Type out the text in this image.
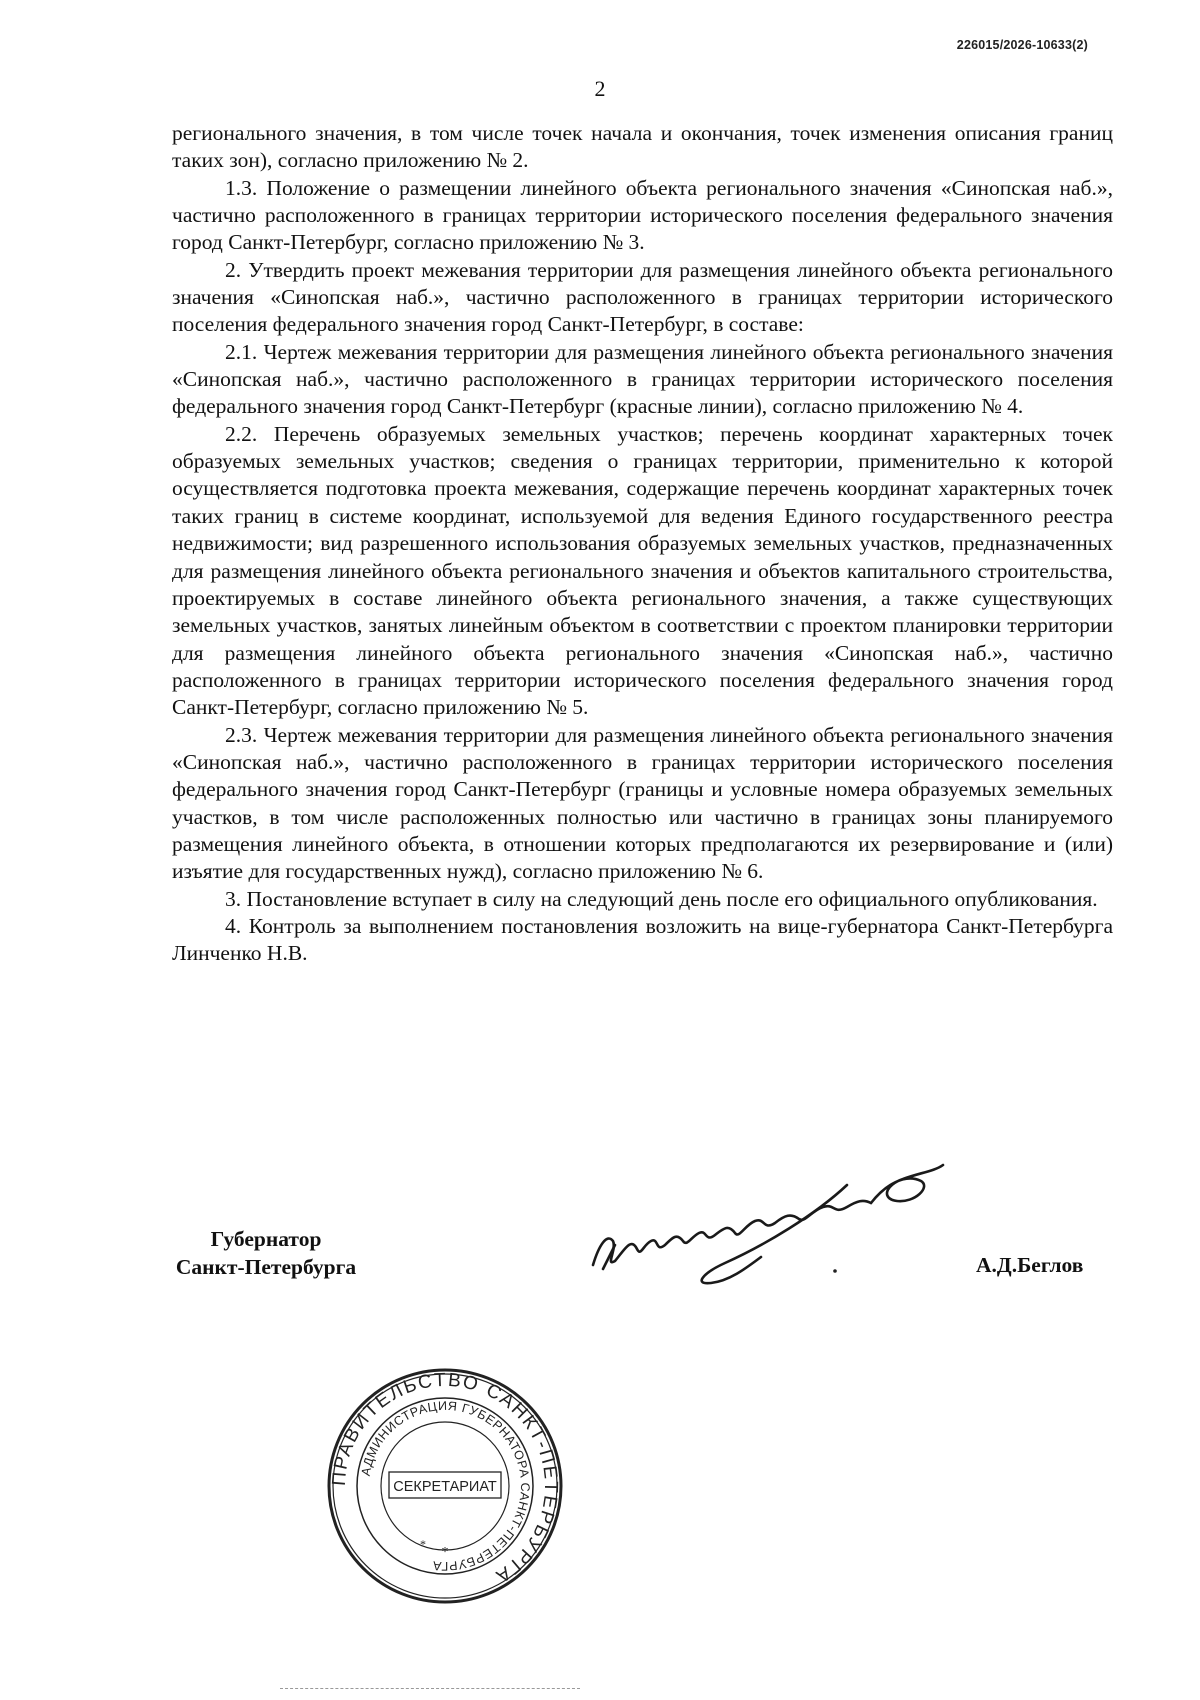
226015/2026-10633(2)
2

регионального значения, в том числе точек начала и окончания, точек изменения описания границ таких зон), согласно приложению № 2.

1.3. Положение о размещении линейного объекта регионального значения «Синопская наб.», частично расположенного в границах территории исторического поселения федерального значения город Санкт-Петербург, согласно приложению № 3.

2. Утвердить проект межевания территории для размещения линейного объекта регионального значения «Синопская наб.», частично расположенного в границах территории исторического поселения федерального значения город Санкт-Петербург, в составе:

2.1. Чертеж межевания территории для размещения линейного объекта регионального значения «Синопская наб.», частично расположенного в границах территории исторического поселения федерального значения город Санкт-Петербург (красные линии), согласно приложению № 4.

2.2. Перечень образуемых земельных участков; перечень координат характерных точек образуемых земельных участков; сведения о границах территории, применительно к которой осуществляется подготовка проекта межевания, содержащие перечень координат характерных точек таких границ в системе координат, используемой для ведения Единого государственного реестра недвижимости; вид разрешенного использования образуемых земельных участков, предназначенных для размещения линейного объекта регионального значения и объектов капитального строительства, проектируемых в составе линейного объекта регионального значения, а также существующих земельных участков, занятых линейным объектом в соответствии с проектом планировки территории для размещения линейного объекта регионального значения «Синопская наб.», частично расположенного в границах территории исторического поселения федерального значения город Санкт-Петербург, согласно приложению № 5.

2.3. Чертеж межевания территории для размещения линейного объекта регионального значения «Синопская наб.», частично расположенного в границах территории исторического поселения федерального значения город Санкт-Петербург (границы и условные номера образуемых земельных участков, в том числе расположенных полностью или частично в границах зоны планируемого размещения линейного объекта, в отношении которых предполагаются их резервирование и (или) изъятие для государственных нужд), согласно приложению № 6.

3. Постановление вступает в силу на следующий день после его официального опубликования.

4. Контроль за выполнением постановления возложить на вице-губернатора Санкт-Петербурга Линченко Н.В.

Губернатор
Санкт-Петербурга	А.Д.Беглов
ПРАВИТЕЛЬСТВО САНКТ-ПЕТЕРБУРГА
АДМИНИСТРАЦИЯ ГУБЕРНАТОРА САНКТ-ПЕТЕРБУРГА
СЕКРЕТАРИАТ
*
*
